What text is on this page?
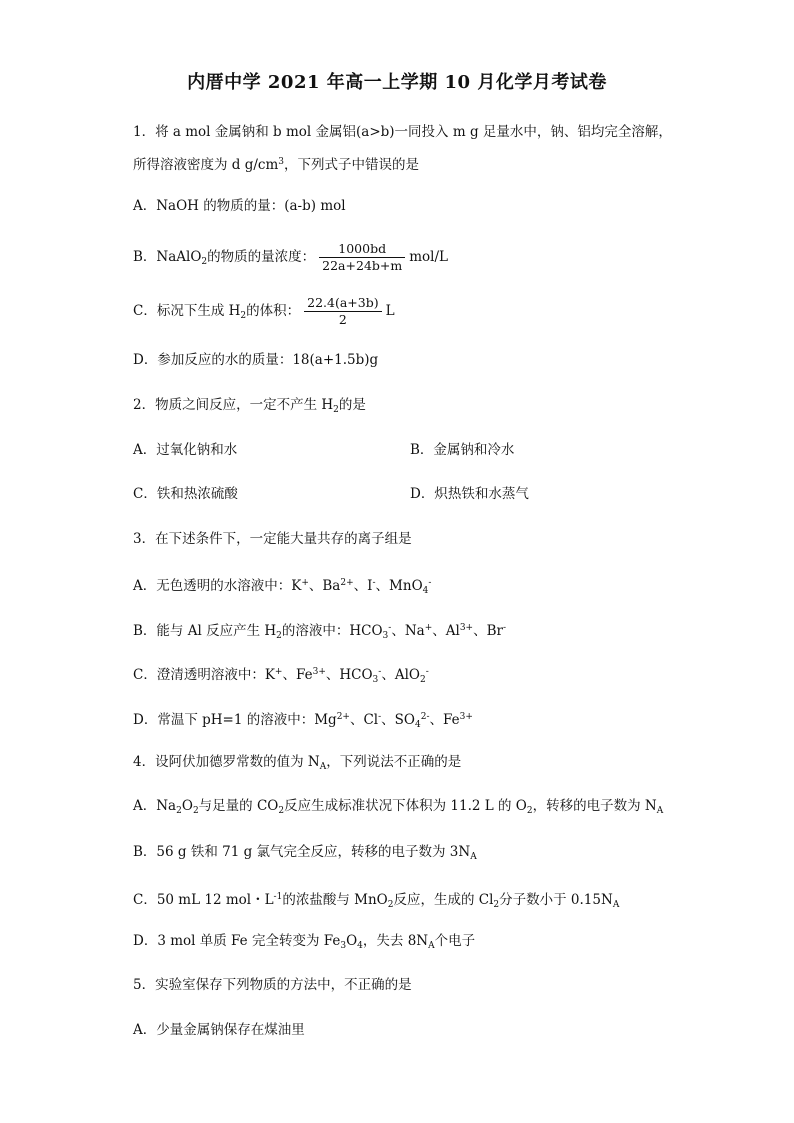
内厝中学 2021 年高一上学期 10 月化学月考试卷
1．将 a mol 金属钠和 b mol 金属铝(a>b)一同投入 m g 足量水中，钠、铝均完全溶解，
所得溶液密度为 d $g/cm^3$，下列式子中错误的是
A．NaOH 的物质的量：(a-b) mol
B．NaAlO$_2$的物质的量浓度： $\frac{1000bd}{22a+24b+m} mol/L$
C．标况下生成 $H_2$的体积： $\frac{22.4(a+3b)}{2}$ L
D．参加反应的水的质量：18(a+1.5b)g
2．物质之间反应，一定不产生 $H_2$的是
A．过氧化钠和水	B．金属钠和冷水
C．铁和热浓硫酸	D．炽热铁和水蒸气
3．在下述条件下，一定能大量共存的离子组是
A．无色透明的水溶液中：K+、$Ba^{2+}$、I-、MnO$_4$-
B．能与 Al 反应产生 $H_2$的溶液中：$HCO_3^-$、Na+、$Al^{3+}$、Br-
C．澄清透明溶液中：K+、$Fe^{3+}$、$HCO_3^-$、AlO$_2$-
D．常温下 pH=1 的溶液中：$Mg^{2+}$、Cl-、$SO_4^{2-}$、$Fe^{3+}$
4．设阿伏加德罗常数的值为 $N_A$，下列说法不正确的是
A．$Na_2O_2$与足量的 $CO_2$反应生成标准状况下体积为 11.2 L 的 $O_2$，转移的电子数为 $N_A$
B．56 g 铁和 71 g 氯气完全反应，转移的电子数为 $3N_A$
C．50 mL 12 mol・$L^{-1}$的浓盐酸与 MnO$_2$反应，生成的 $Cl_2$分子数小于 $0.15N_A$
D．3 mol 单质 Fe 完全转变为 $Fe_3O_4$，失去 $8N_A$个电子
5．实验室保存下列物质的方法中，不正确的是
A．少量金属钠保存在煤油里
